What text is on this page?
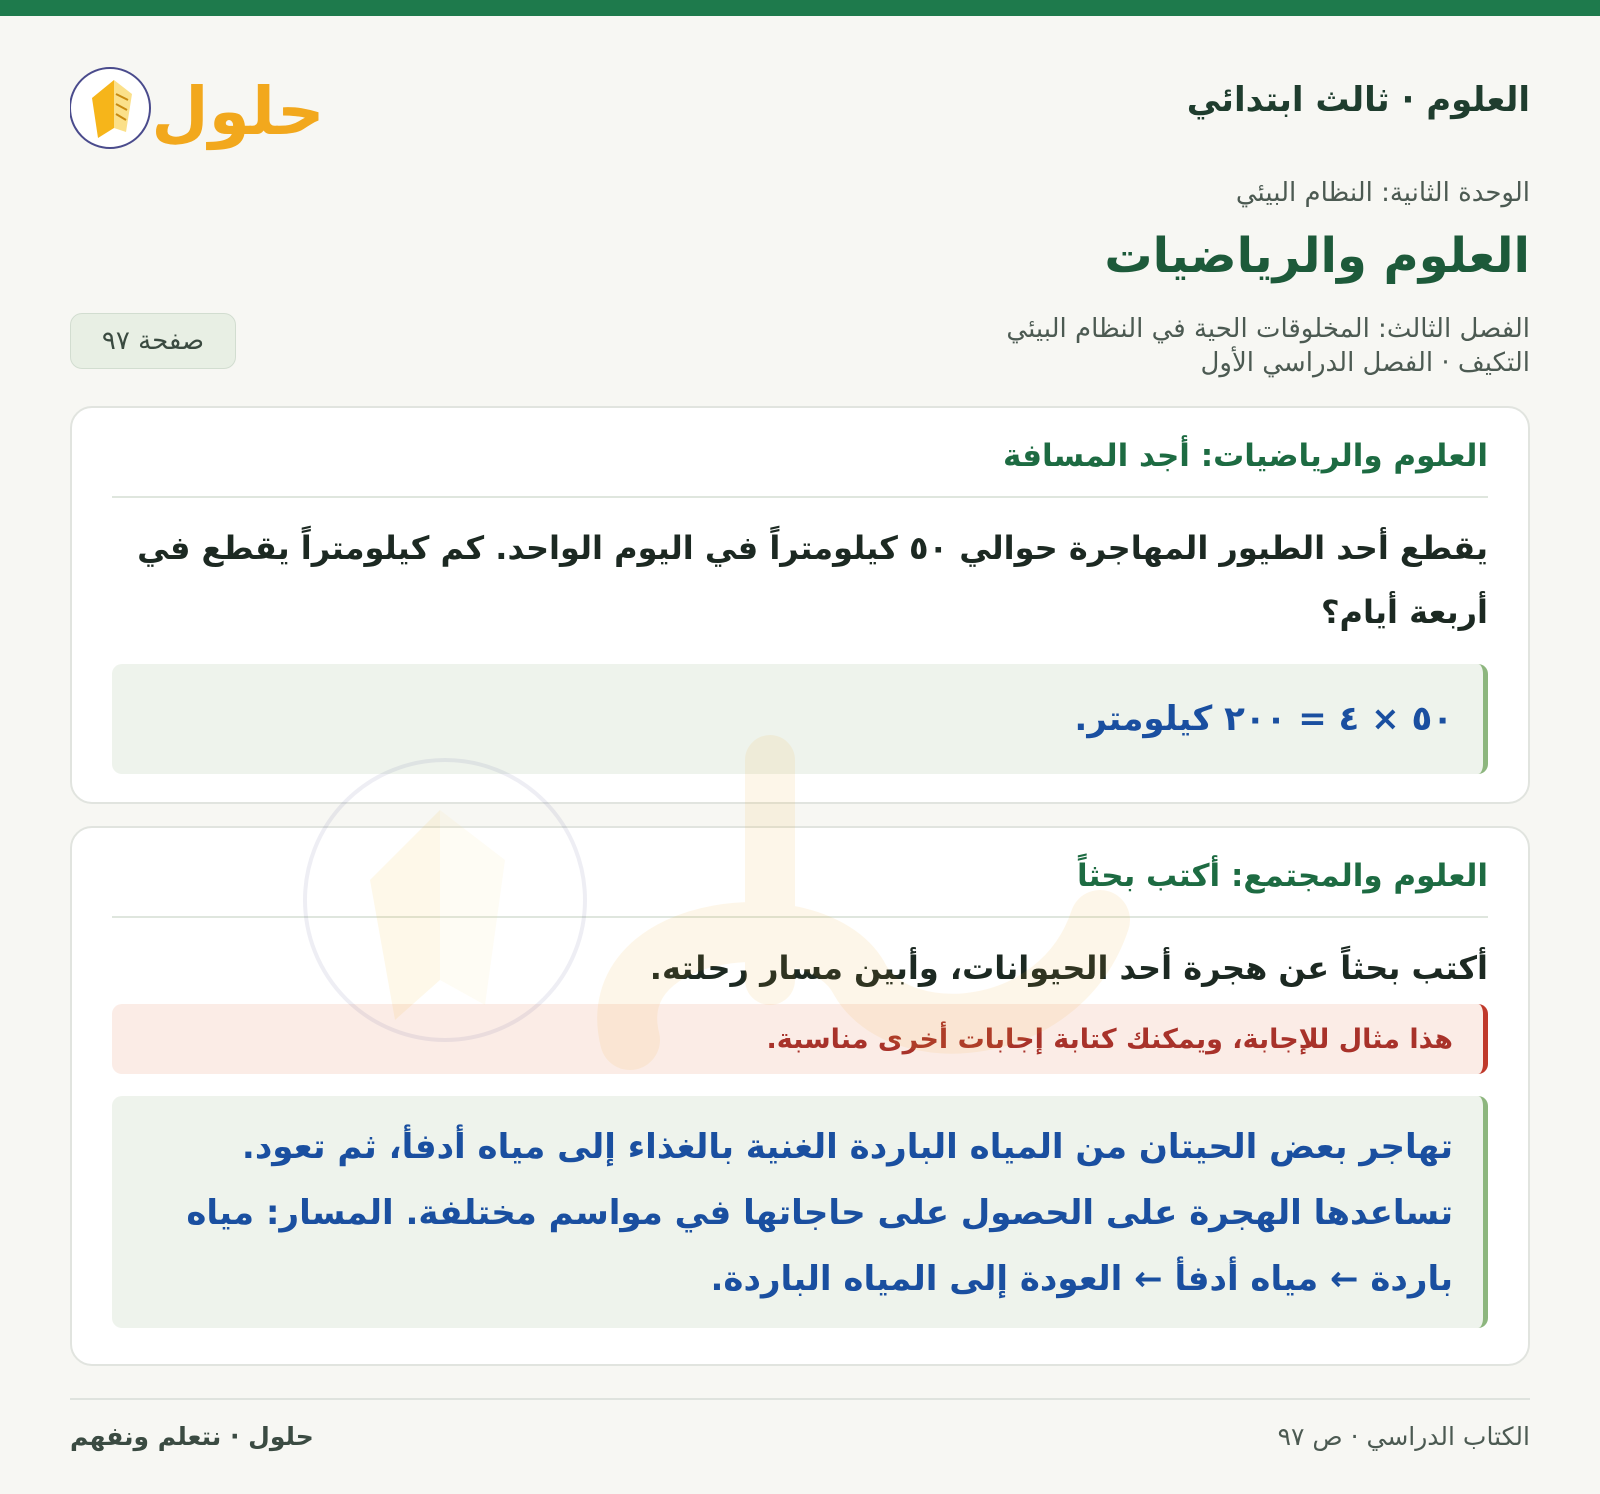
العلوم · ثالث ابتدائي
حلول
الوحدة الثانية: النظام البيئي
العلوم والرياضيات
الفصل الثالث: المخلوقات الحية في النظام البيئي
التكيف · الفصل الدراسي الأول
صفحة ٩٧
العلوم والرياضيات: أجد المسافة
يقطع أحد الطيور المهاجرة حوالي ٥٠ كيلومتراً في اليوم الواحد. كم كيلومتراً يقطع في أربعة أيام؟
٥٠ × ٤ = ٢٠٠ كيلومتر.
العلوم والمجتمع: أكتب بحثاً
أكتب بحثاً عن هجرة أحد الحيوانات، وأبين مسار رحلته.
هذا مثال للإجابة، ويمكنك كتابة إجابات أخرى مناسبة.
تهاجر بعض الحيتان من المياه الباردة الغنية بالغذاء إلى مياه أدفأ، ثم تعود. تساعدها الهجرة على الحصول على حاجاتها في مواسم مختلفة. المسار: مياه باردة ← مياه أدفأ ← العودة إلى المياه الباردة.
الكتاب الدراسي · ص ٩٧
حلول · نتعلم ونفهم
